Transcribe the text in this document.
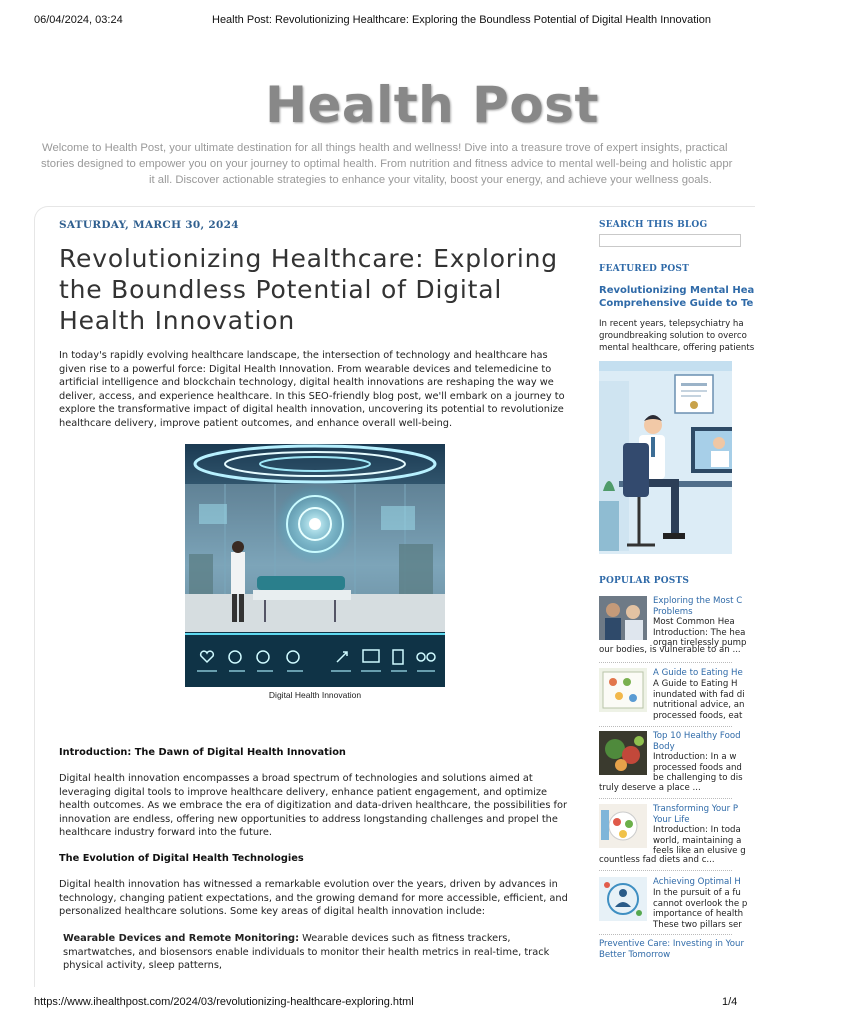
06/04/2024, 03:24	Health Post: Revolutionizing Healthcare: Exploring the Boundless Potential of Digital Health Innovation
Health Post
Welcome to Health Post, your ultimate destination for all things health and wellness! Dive into a treasure trove of expert insights, practical
stories designed to empower you on your journey to optimal health. From nutrition and fitness advice to mental well-being and holistic appr
it all. Discover actionable strategies to enhance your vitality, boost your energy, and achieve your wellness goals.
SATURDAY, MARCH 30, 2024
Revolutionizing Healthcare: Exploring the Boundless Potential of Digital Health Innovation

In today's rapidly evolving healthcare landscape, the intersection of technology and healthcare has given rise to a powerful force: Digital Health Innovation. From wearable devices and telemedicine to artificial intelligence and blockchain technology, digital health innovations are reshaping the way we deliver, access, and experience healthcare. In this SEO-friendly blog post, we'll embark on a journey to explore the transformative impact of digital health innovation, uncovering its potential to revolutionize healthcare delivery, improve patient outcomes, and enhance overall well-being.

Digital Health Innovation
Introduction: The Dawn of Digital Health Innovation

Digital health innovation encompasses a broad spectrum of technologies and solutions aimed at leveraging digital tools to improve healthcare delivery, enhance patient engagement, and optimize health outcomes. As we embrace the era of digitization and data-driven healthcare, the possibilities for innovation are endless, offering new opportunities to address longstanding challenges and propel the healthcare industry forward into the future.

The Evolution of Digital Health Technologies

Digital health innovation has witnessed a remarkable evolution over the years, driven by advances in technology, changing patient expectations, and the growing demand for more accessible, efficient, and personalized healthcare solutions. Some key areas of digital health innovation include:

Wearable Devices and Remote Monitoring: Wearable devices such as fitness trackers, smartwatches, and biosensors enable individuals to monitor their health metrics in real-time, track physical activity, sleep patterns,

SEARCH THIS BLOG
FEATURED POST
Revolutionizing Mental Hea
Comprehensive Guide to Te
In recent years, telepsychiatry ha
groundbreaking solution to overco
mental healthcare, offering patients
POPULAR POSTS
Exploring the Most C
Problems
Most Common Hea
Introduction: The hea
organ tirelessly pump
our bodies, is vulnerable to an ...
A Guide to Eating He
A Guide to Eating H
inundated with fad di
nutritional advice, an
processed foods, eat
Top 10 Healthy Food
Body
Introduction: In a w
processed foods and
be challenging to dis
truly deserve a place ...
Transforming Your P
Your Life
Introduction: In toda
world, maintaining a
feels like an elusive g
countless fad diets and c...
Achieving Optimal H
In the pursuit of a fu
cannot overlook the p
importance of health
These two pillars ser
Preventive Care: Investing in Your
Better Tomorrow
https://www.ihealthpost.com/2024/03/revolutionizing-healthcare-exploring.html	1/4
